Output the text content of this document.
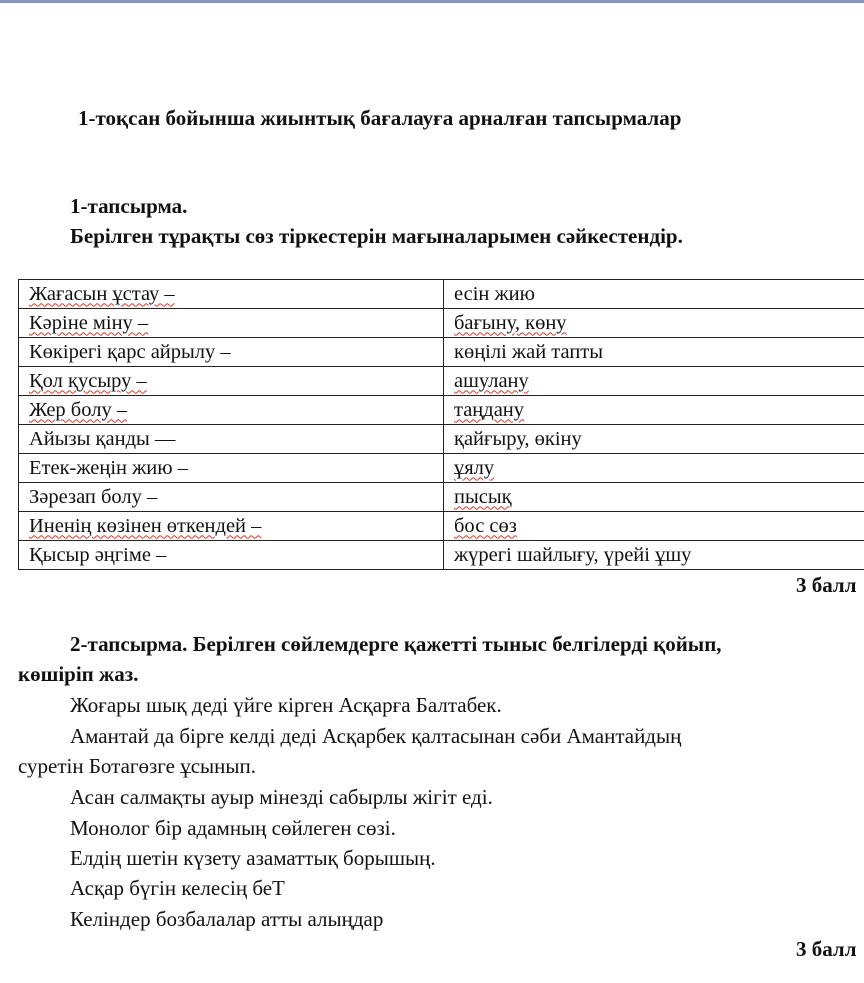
1-тоқсан бойынша жиынтық бағалауға арналған тапсырмалар
1-тапсырма.
Берілген тұрақты сөз тіркестерін мағыналарымен сәйкестендір.
Жағасын ұстау –	есін жию
Кәріне міну –	бағыну, көну
Көкірегі қарс айрылу –	көңілі жай тапты
Қол қусыру –	ашулану
Жер болу –	таңдану
Айызы қанды —	қайғыру, өкіну
Етек-жеңін жию –	ұялу
Зәрезап болу –	пысық
Иненің көзінен өткендей –	бос сөз
Қысыр әңгіме –	жүрегі шайлығу, үрейі ұшу
3 балл
2-тапсырма. Берілген сөйлемдерге қажетті тыныс белгілерді қойып,
көшіріп жаз.
Жоғары шық деді үйге кірген Асқарға Балтабек.
Амантай да бірге келді деді Асқарбек қалтасынан сәби Амантайдың
суретін Ботагөзге ұсынып.
Асан салмақты ауыр мінезді сабырлы жігіт еді.
Монолог бір адамның сөйлеген сөзі.
Елдің шетін күзету азаматтық борышың.
Асқар бүгін келесің беТ
Келіндер бозбалалар атты алыңдар
3 балл
